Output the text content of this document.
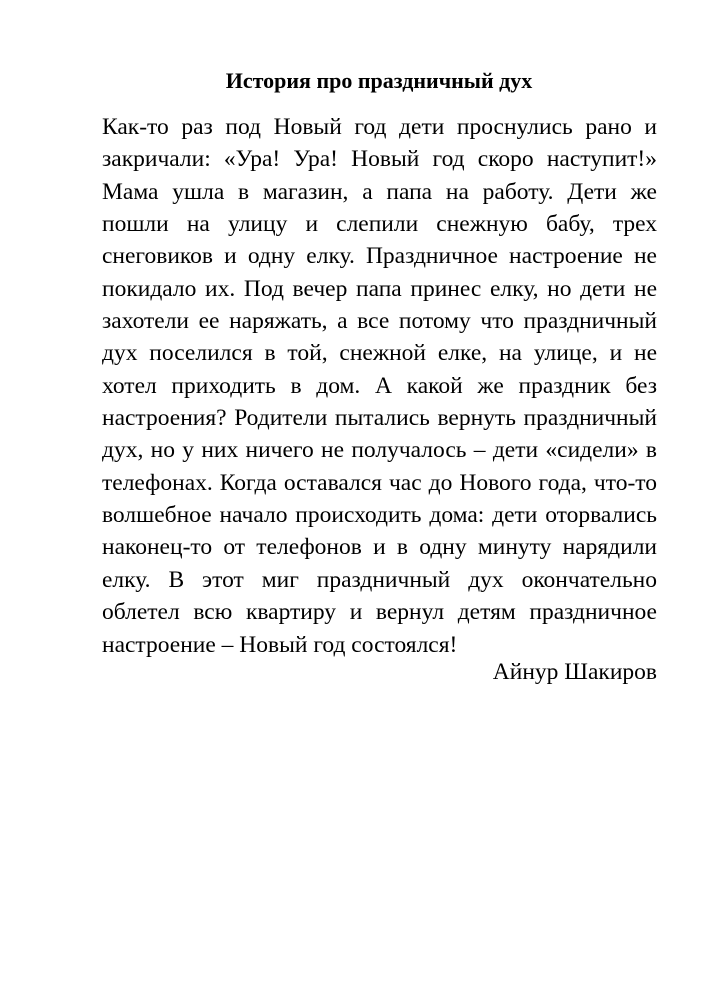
История про праздничный дух

Как-то раз под Новый год дети проснулись рано и закричали: «Ура! Ура! Новый год скоро наступит!» Мама ушла в магазин, а папа на работу. Дети же пошли на улицу и слепили снежную бабу, трех снеговиков и одну елку. Праздничное настроение не покидало их. Под вечер папа принес елку, но дети не захотели ее наряжать, а все потому что праздничный дух поселился в той, снежной елке, на улице, и не хотел приходить в дом. А какой же праздник без настроения? Родители пытались вернуть праздничный дух, но у них ничего не получалось – дети «сидели» в телефонах. Когда оставался час до Нового года, что-то волшебное начало происходить дома: дети оторвались наконец-то от телефонов и в одну минуту нарядили елку. В этот миг праздничный дух окончательно облетел всю квартиру и вернул детям праздничное настроение – Новый год состоялся!

Айнур Шакиров
